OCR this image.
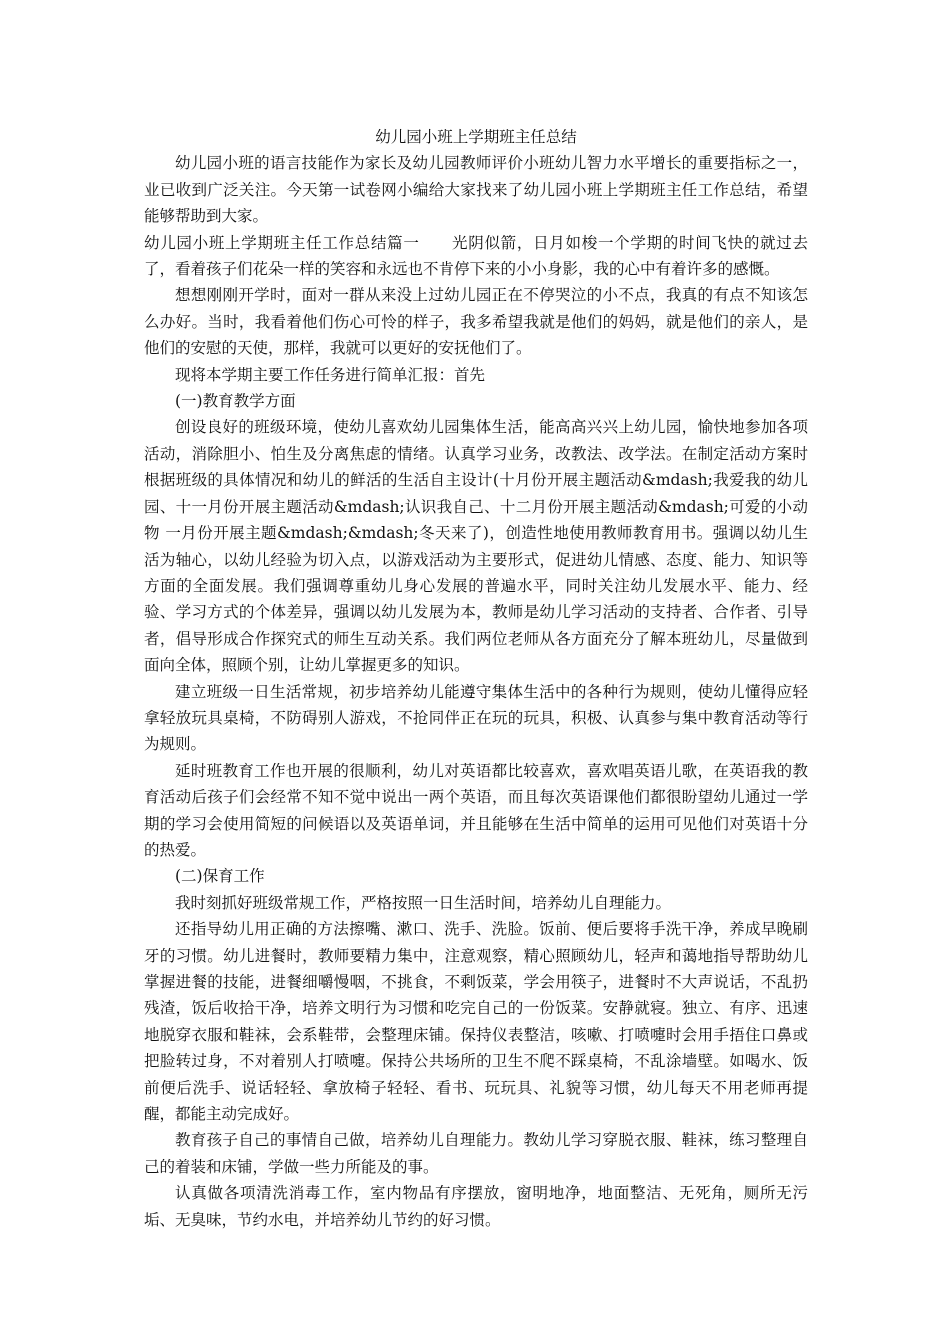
幼儿园小班上学期班主任总结

幼儿园小班的语言技能作为家长及幼儿园教师评价小班幼儿智力水平增长的重要指标之一，业已收到广泛关注。今天第一试卷网小编给大家找来了幼儿园小班上学期班主任工作总结，希望能够帮助到大家。

幼儿园小班上学期班主任工作总结篇一　　光阴似箭，日月如梭一个学期的时间飞快的就过去了，看着孩子们花朵一样的笑容和永远也不肯停下来的小小身影，我的心中有着许多的感慨。

想想刚刚开学时，面对一群从来没上过幼儿园正在不停哭泣的小不点，我真的有点不知该怎么办好。当时，我看着他们伤心可怜的样子，我多希望我就是他们的妈妈，就是他们的亲人，是他们的安慰的天使，那样，我就可以更好的安抚他们了。

现将本学期主要工作任务进行简单汇报：首先

(一)教育教学方面

创设良好的班级环境，使幼儿喜欢幼儿园集体生活，能高高兴兴上幼儿园，愉快地参加各项活动，消除胆小、怕生及分离焦虑的情绪。认真学习业务，改教法、改学法。在制定活动方案时根据班级的具体情况和幼儿的鲜活的生活自主设计(十月份开展主题活动&mdash;我爱我的幼儿园、十一月份开展主题活动&mdash;认识我自己、十二月份开展主题活动&mdash;可爱的小动物 一月份开展主题&mdash;&mdash;冬天来了)，创造性地使用教师教育用书。强调以幼儿生活为轴心，以幼儿经验为切入点，以游戏活动为主要形式，促进幼儿情感、态度、能力、知识等方面的全面发展。我们强调尊重幼儿身心发展的普遍水平，同时关注幼儿发展水平、能力、经验、学习方式的个体差异，强调以幼儿发展为本，教师是幼儿学习活动的支持者、合作者、引导者，倡导形成合作探究式的师生互动关系。我们两位老师从各方面充分了解本班幼儿，尽量做到面向全体，照顾个别，让幼儿掌握更多的知识。

建立班级一日生活常规，初步培养幼儿能遵守集体生活中的各种行为规则，使幼儿懂得应轻拿轻放玩具桌椅，不防碍别人游戏，不抢同伴正在玩的玩具，积极、认真参与集中教育活动等行为规则。

延时班教育工作也开展的很顺利，幼儿对英语都比较喜欢，喜欢唱英语儿歌，在英语我的教育活动后孩子们会经常不知不觉中说出一两个英语，而且每次英语课他们都很盼望幼儿通过一学期的学习会使用简短的问候语以及英语单词，并且能够在生活中简单的运用可见他们对英语十分的热爱。

(二)保育工作

我时刻抓好班级常规工作，严格按照一日生活时间，培养幼儿自理能力。

还指导幼儿用正确的方法擦嘴、漱口、洗手、洗脸。饭前、便后要将手洗干净，养成早晚刷牙的习惯。幼儿进餐时，教师要精力集中，注意观察，精心照顾幼儿，轻声和蔼地指导帮助幼儿掌握进餐的技能，进餐细嚼慢咽，不挑食，不剩饭菜，学会用筷子，进餐时不大声说话，不乱扔残渣，饭后收拾干净，培养文明行为习惯和吃完自己的一份饭菜。安静就寝。独立、有序、迅速地脱穿衣服和鞋袜，会系鞋带，会整理床铺。保持仪表整洁，咳嗽、打喷嚏时会用手捂住口鼻或把脸转过身，不对着别人打喷嚏。保持公共场所的卫生不爬不踩桌椅，不乱涂墙壁。如喝水、饭前便后洗手、说话轻轻、拿放椅子轻轻、看书、玩玩具、礼貌等习惯，幼儿每天不用老师再提醒，都能主动完成好。

教育孩子自己的事情自己做，培养幼儿自理能力。教幼儿学习穿脱衣服、鞋袜，练习整理自己的着装和床铺，学做一些力所能及的事。

认真做各项清洗消毒工作，室内物品有序摆放，窗明地净，地面整洁、无死角，厕所无污垢、无臭味，节约水电，并培养幼儿节约的好习惯。
